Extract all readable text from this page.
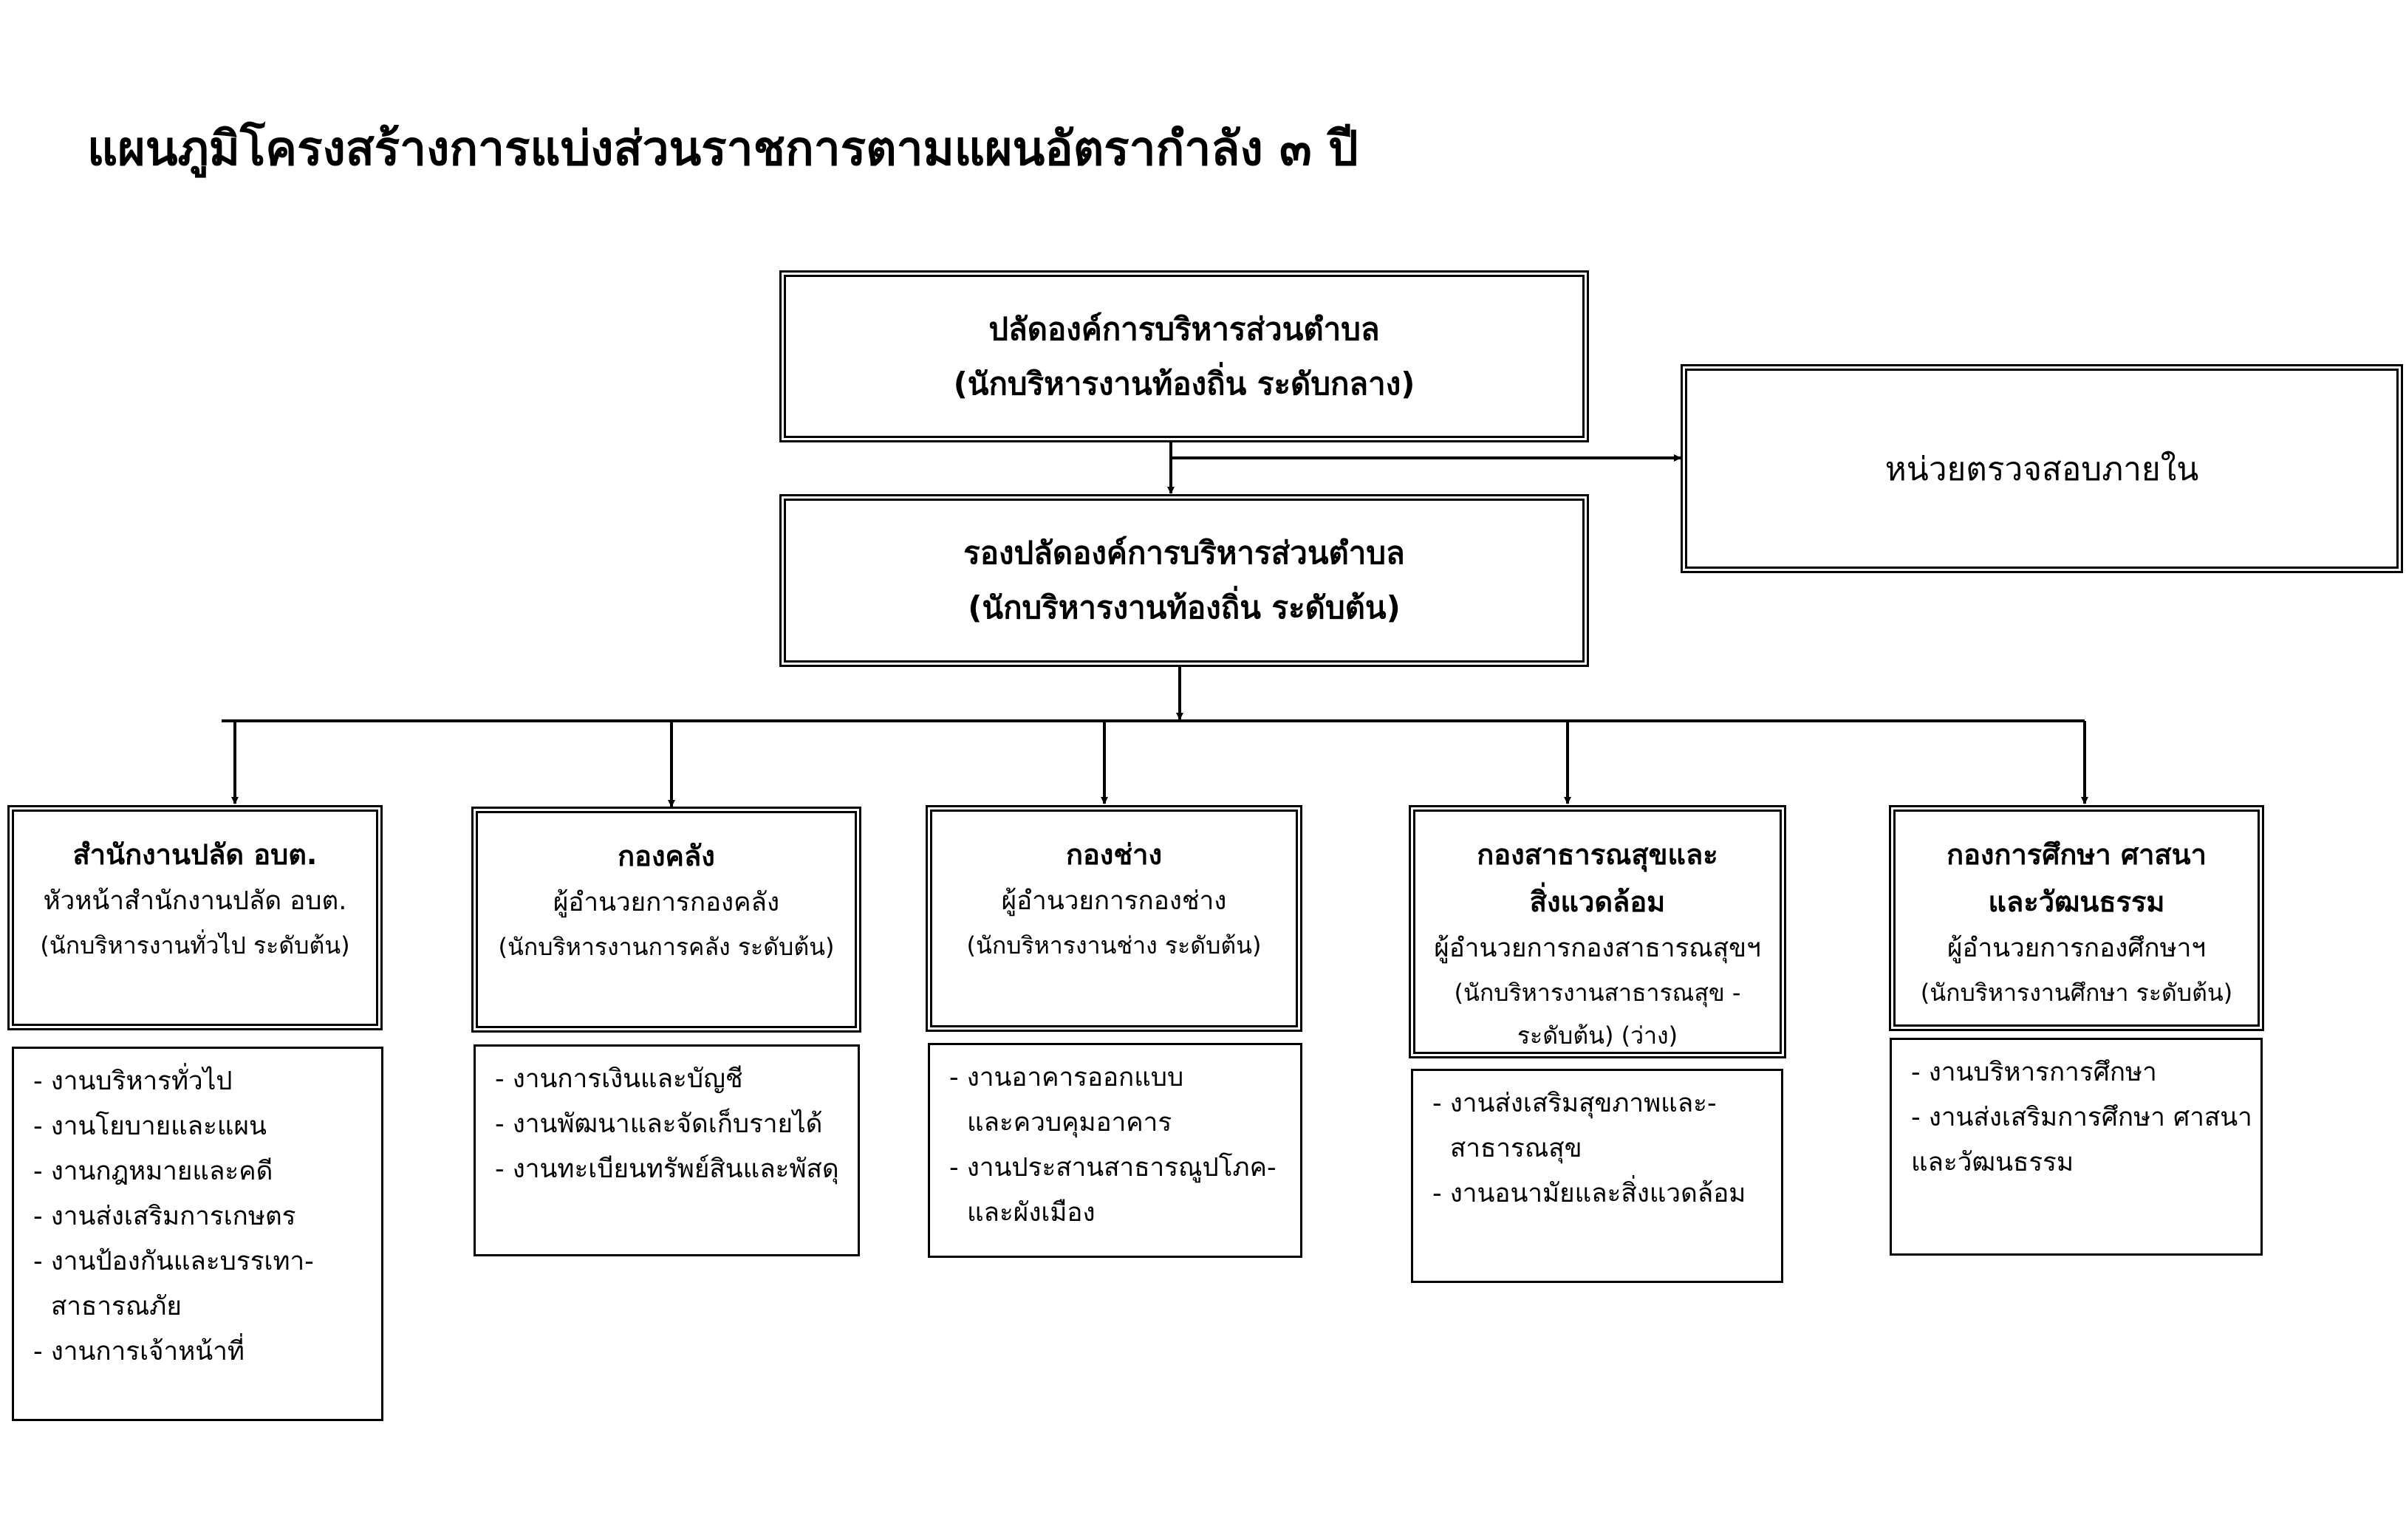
แผนภูมิโครงสร้างการแบ่งส่วนราชการตามแผนอัตรากำลัง ๓ ปี
ปลัดองค์การบริหารส่วนตำบล
(นักบริหารงานท้องถิ่น ระดับกลาง)
หน่วยตรวจสอบภายใน
รองปลัดองค์การบริหารส่วนตำบล
(นักบริหารงานท้องถิ่น ระดับต้น)
สำนักงานปลัด อบต.
หัวหน้าสำนักงานปลัด อบต.
(นักบริหารงานทั่วไป ระดับต้น)
- งานบริหารทั่วไป
- งานโยบายและแผน
- งานกฎหมายและคดี
- งานส่งเสริมการเกษตร
- งานป้องกันและบรรเทา-
สาธารณภัย
- งานการเจ้าหน้าที่
กองคลัง
ผู้อำนวยการกองคลัง
(นักบริหารงานการคลัง ระดับต้น)
- งานการเงินและบัญชี
- งานพัฒนาและจัดเก็บรายได้
- งานทะเบียนทรัพย์สินและพัสดุ
กองช่าง
ผู้อำนวยการกองช่าง
(นักบริหารงานช่าง ระดับต้น)
- งานอาคารออกแบบ
และควบคุมอาคาร
- งานประสานสาธารณูปโภค-
และผังเมือง
กองสาธารณสุขและ
สิ่งแวดล้อม
ผู้อำนวยการกองสาธารณสุขฯ
(นักบริหารงานสาธารณสุข -
ระดับต้น) (ว่าง)
- งานส่งเสริมสุขภาพและ-
สาธารณสุข
- งานอนามัยและสิ่งแวดล้อม
กองการศึกษา ศาสนา
และวัฒนธรรม
ผู้อำนวยการกองศึกษาฯ
(นักบริหารงานศึกษา ระดับต้น)
- งานบริหารการศึกษา
- งานส่งเสริมการศึกษา ศาสนา
และวัฒนธรรม
